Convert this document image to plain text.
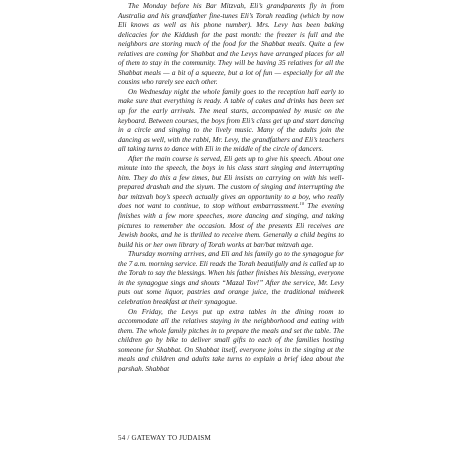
The Monday before his Bar Mitzvah, Eli’s grandparents fly in from Australia and his grandfather fine-tunes Eli’s Torah reading (which by now Eli knows as well as his phone number). Mrs. Levy has been baking delicacies for the Kiddush for the past month: the freezer is full and the neighbors are storing much of the food for the Shabbat meals. Quite a few relatives are coming for Shabbat and the Levys have arranged places for all of them to stay in the community. They will be having 35 relatives for all the Shabbat meals — a bit of a squeeze, but a lot of fun — especially for all the cousins who rarely see each other.

On Wednesday night the whole family goes to the reception hall early to make sure that everything is ready. A table of cakes and drinks has been set up for the early arrivals. The meal starts, accompanied by music on the keyboard. Between courses, the boys from Eli’s class get up and start dancing in a circle and singing to the lively music. Many of the adults join the dancing as well, with the rabbi, Mr. Levy, the grandfathers and Eli’s teachers all taking turns to dance with Eli in the middle of the circle of dancers.

After the main course is served, Eli gets up to give his speech. About one minute into the speech, the boys in his class start singing and interrupting him. They do this a few times, but Eli insists on carrying on with his well-prepared drashah and the siyum. The custom of singing and interrupting the bar mitzvah boy’s speech actually gives an opportunity to a boy, who really does not want to continue, to stop without embarrassment.$^{10}$ The evening finishes with a few more speeches, more dancing and singing, and taking pictures to remember the occasion. Most of the presents Eli receives are Jewish books, and he is thrilled to receive them. Generally a child begins to build his or her own library of Torah works at bar/bat mitzvah age.

Thursday morning arrives, and Eli and his family go to the synagogue for the 7 a.m. morning service. Eli reads the Torah beautifully and is called up to the Torah to say the blessings. When his father finishes his blessing, everyone in the synagogue sings and shouts “Mazal Tov!” After the service, Mr. Levy puts out some liquor, pastries and orange juice, the traditional midweek celebration breakfast at their synagogue.

On Friday, the Levys put up extra tables in the dining room to accommodate all the relatives staying in the neighborhood and eating with them. The whole family pitches in to prepare the meals and set the table. The children go by bike to deliver small gifts to each of the families hosting someone for Shabbat. On Shabbat itself, everyone joins in the singing at the meals and children and adults take turns to explain a brief idea about the parshah. Shabbat

54 / GATEWAY TO JUDAISM
